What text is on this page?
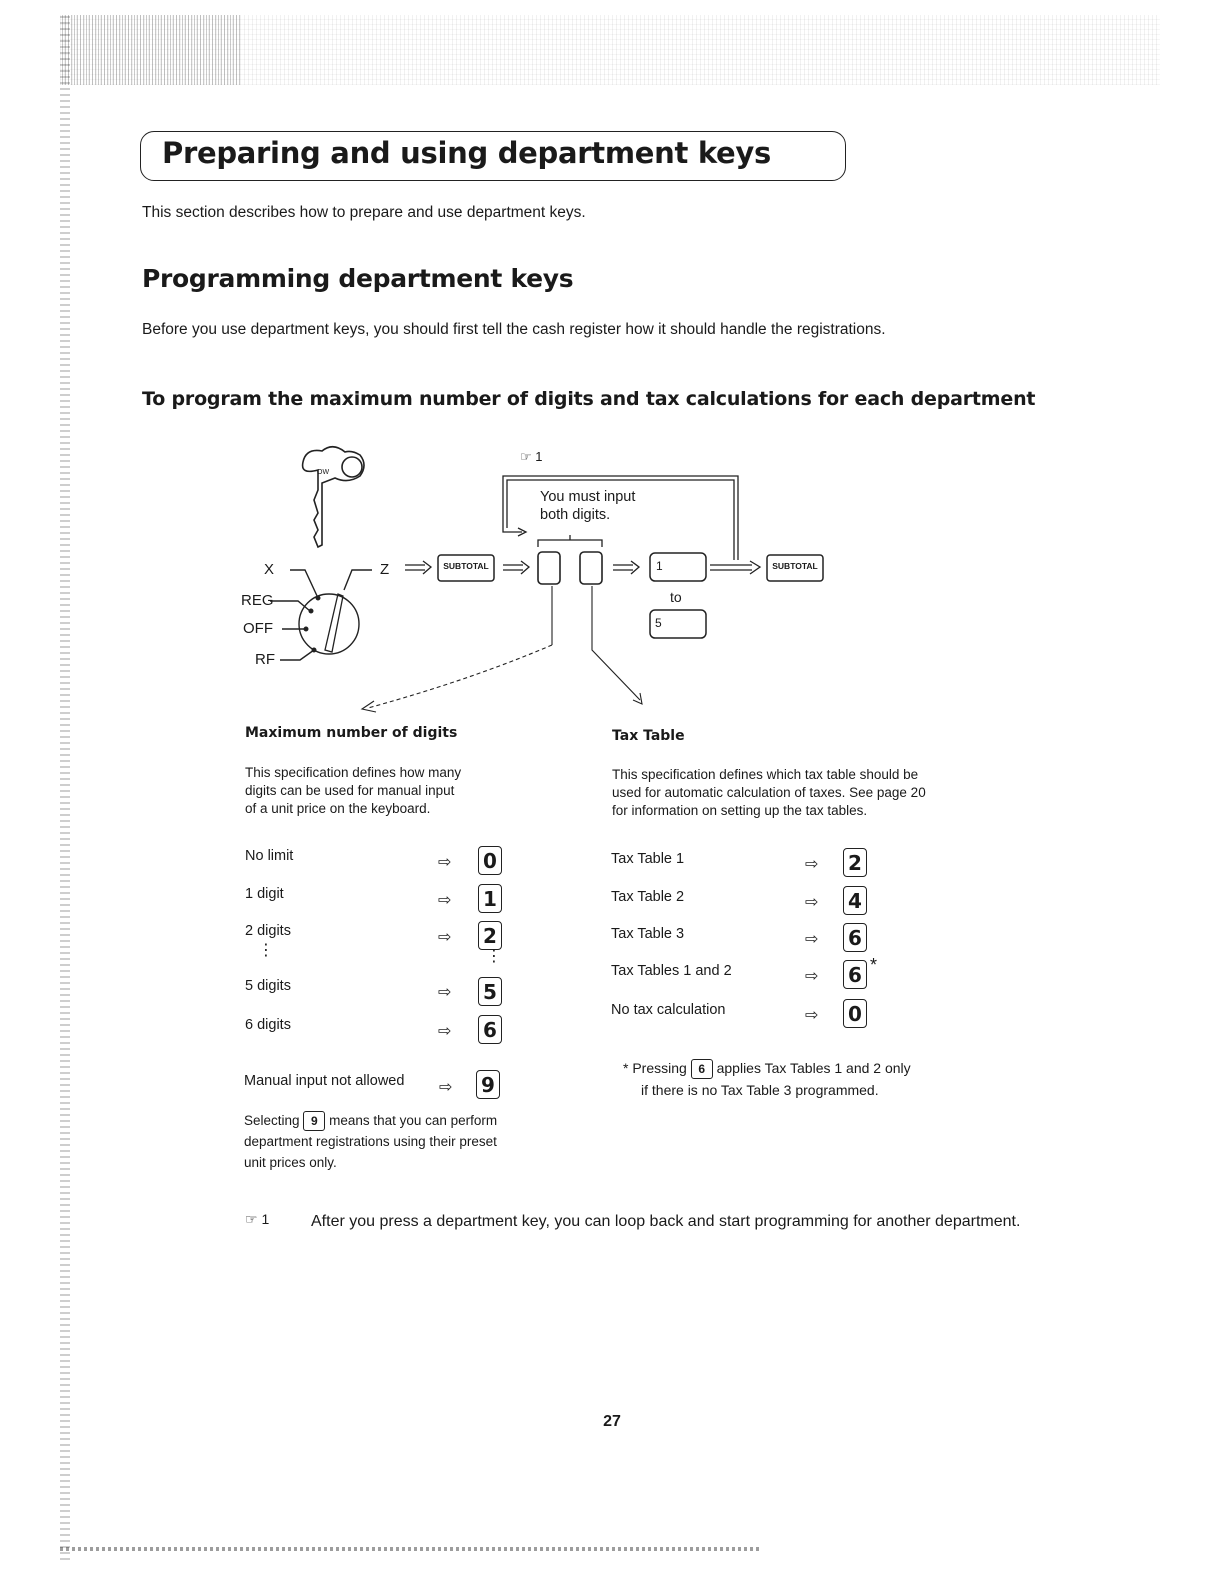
Preparing and using department keys
This section describes how to prepare and use department keys.
Programming department keys
Before you use department keys, you should first tell the cash register how it should handle the registrations.
To program the maximum number of digits and tax calculations for each department
☞ 1
You must input
both digits.
OW
X	Z
REG
OFF
RF
SUBTOTAL	SUBTOTAL
1
to
5
Maximum number of digits
This specification defines how many
digits can be used for manual input
of a unit price on the keyboard.
No limit	⇨ 0
1 digit	⇨ 1
2 digits	⇨ 2
⋮	⋮
5 digits	⇨ 5
6 digits	⇨ 6
Manual input not allowed ⇨ 9
Selecting 9 means that you can perform
department registrations using their preset
unit prices only.
Tax Table
This specification defines which tax table should be
used for automatic calculation of taxes. See page 20
for information on setting up the tax tables.
Tax Table 1	⇨ 2
Tax Table 2	⇨ 4
Tax Table 3	⇨ 6
Tax Tables 1 and 2	⇨ 6 *
No tax calculation	⇨ 0
* Pressing 6 applies Tax Tables 1 and 2 only
if there is no Tax Table 3 programmed.
☞ 1	After you press a department key, you can loop back and start programming for another department.
27
